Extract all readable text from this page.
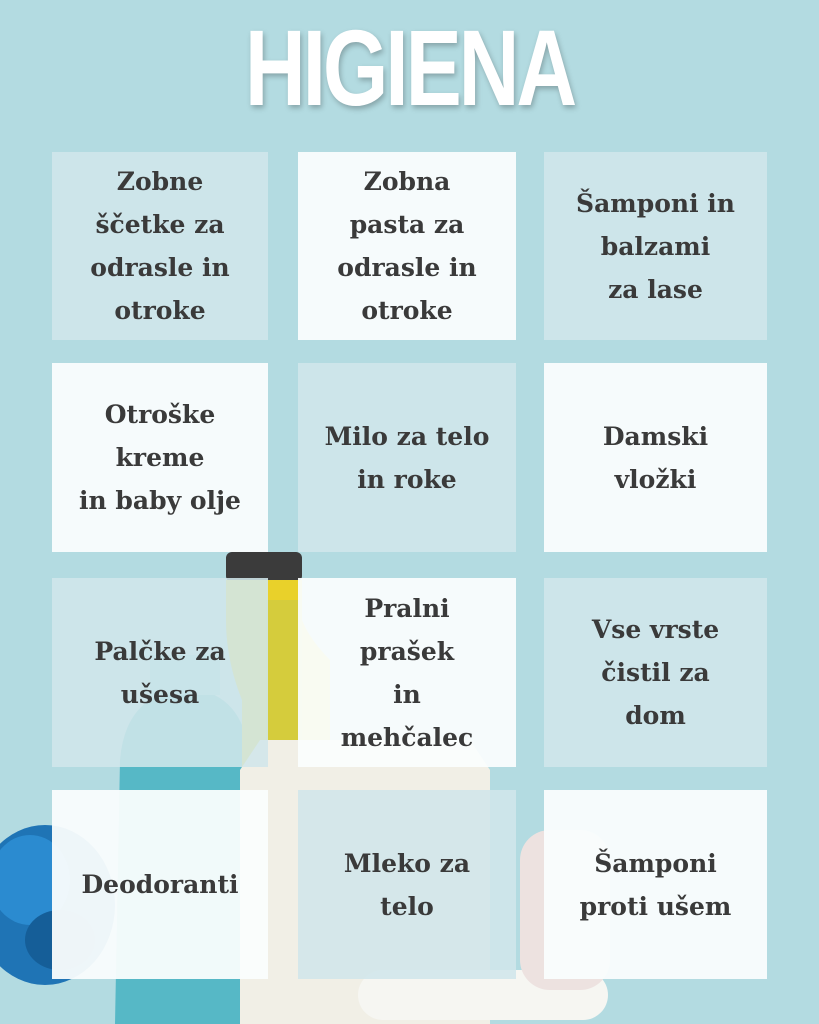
HIGIENA
Zobne
ščetke za
odrasle in
otroke
Zobna
pasta za
odrasle in
otroke
Šamponi in
balzami
za lase
Otroške
kreme
in baby olje
Milo za telo
in roke
Damski
vložki
Palčke za
ušesa
Pralni
prašek
in
mehčalec
Vse vrste
čistil za
dom
Deodoranti
Mleko za
telo
Šamponi
proti ušem
